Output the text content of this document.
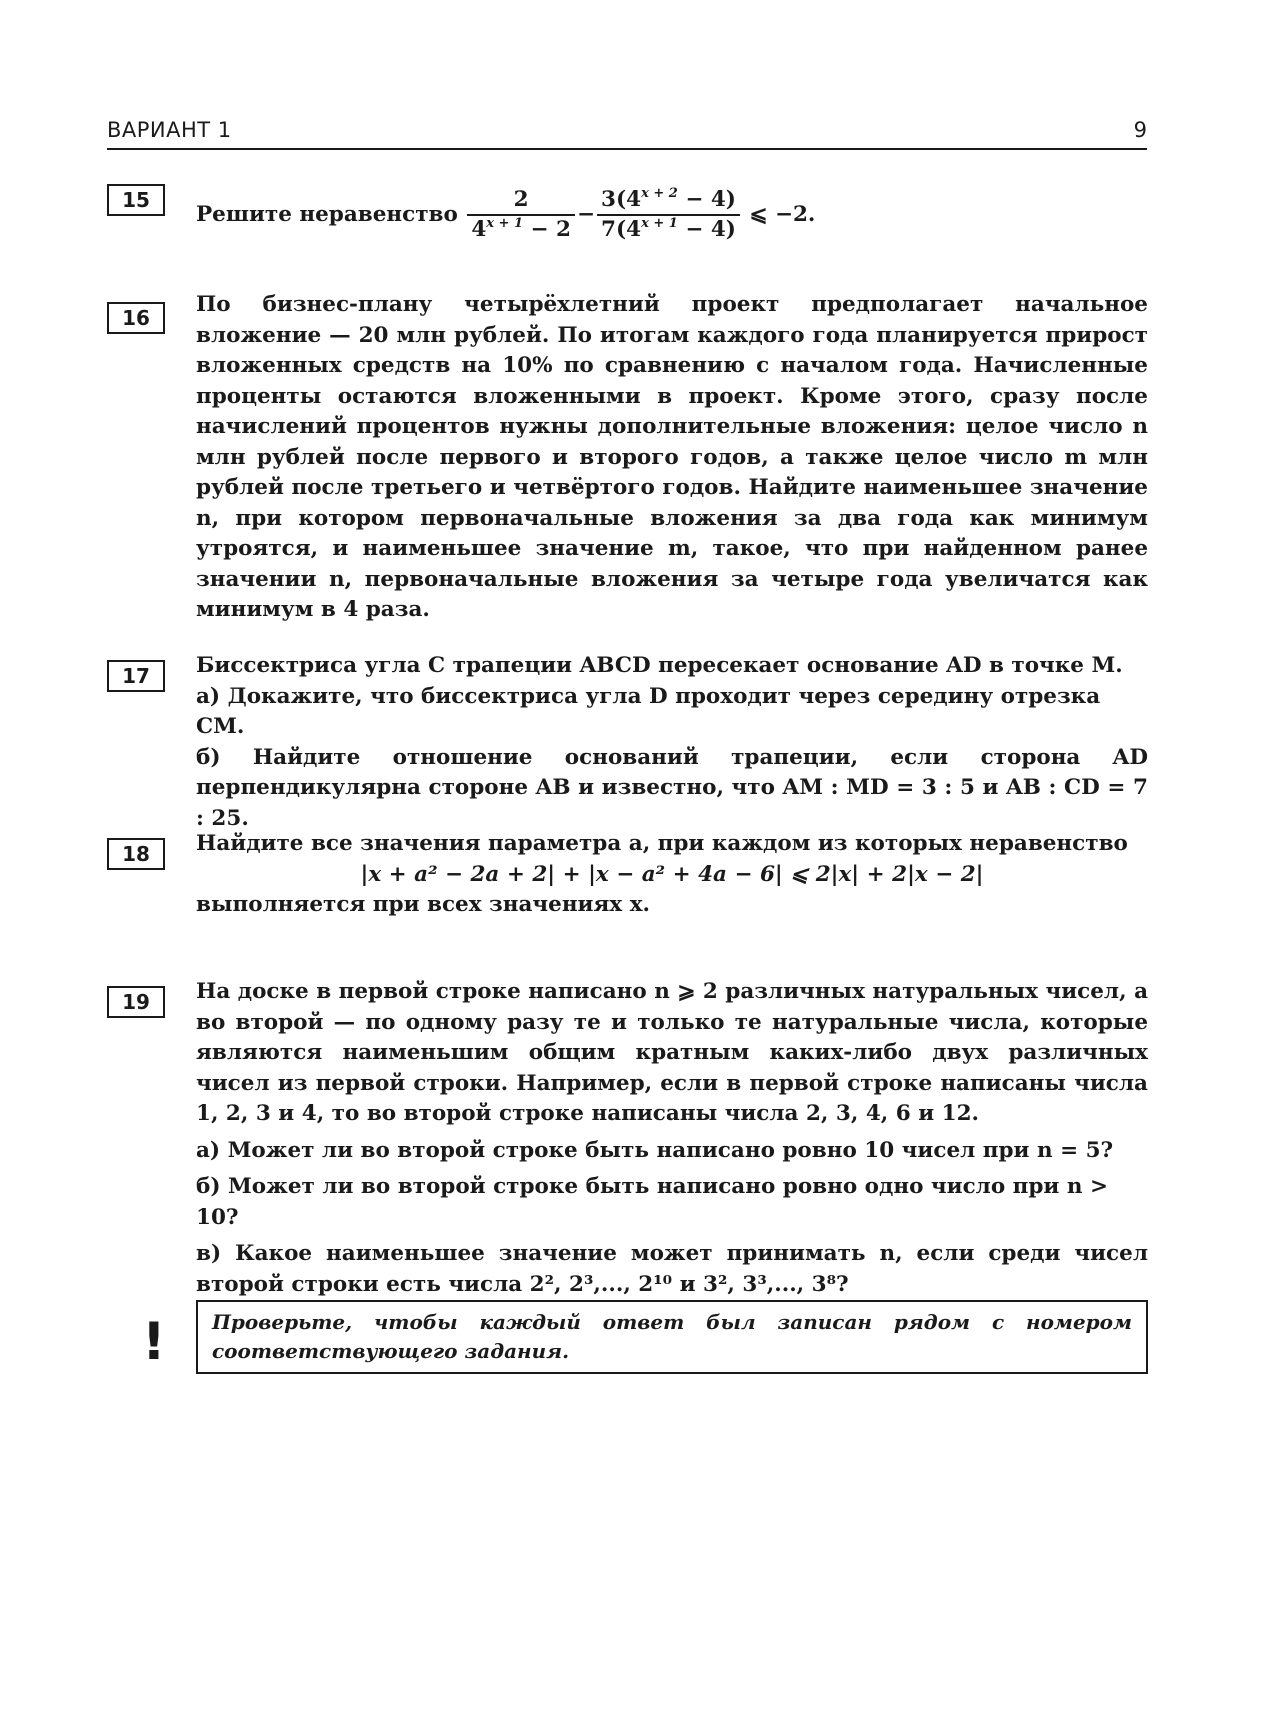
ВАРИАНТ 1	9
15

Решите неравенство $\frac{2}{4^{x + 1} - 2} - \frac{3(4^{x + 2} - 4)}{7(4^{x + 1} - 4)}$ ⩽ −2.

16

По бизнес-плану четырёхлетний проект предполагает начальное вложение — 20 млн рублей. По итогам каждого года планируется прирост вложенных средств на 10% по сравнению с началом года. Начисленные проценты остаются вложенными в проект. Кроме этого, сразу после начислений процентов нужны дополнительные вложения: целое число n млн рублей после первого и второго годов, а также целое число m млн рублей после третьего и четвёртого годов. Найдите наименьшее значение n, при котором первоначальные вложения за два года как минимум утроятся, и наименьшее значение m, такое, что при найденном ранее значении n, первоначальные вложения за четыре года увеличатся как минимум в 4 раза.

17	Биссектриса угла C трапеции ABCD пересекает основание AD в точке M.

а) Докажите, что биссектриса угла D проходит через середину отрезка CM.

б) Найдите отношение оснований трапеции, если сторона AD перпендикулярна стороне AB и известно, что AM : MD = 3 : 5 и AB : CD = 7 : 25.

18	Найдите все значения параметра a, при каждом из которых неравенство

|x + a² − 2a + 2| + |x − a² + 4a − 6| ⩽ 2|x| + 2|x − 2|

выполняется при всех значениях x.

19	На доске в первой строке написано n ⩾ 2 различных натуральных чисел, а во второй — по одному разу те и только те натуральные числа, которые являются наименьшим общим кратным каких-либо двух различных чисел из первой строки. Например, если в первой строке написаны числа 1, 2, 3 и 4, то во второй строке написаны числа 2, 3, 4, 6 и 12.

а) Может ли во второй строке быть написано ровно 10 чисел при n = 5?

б) Может ли во второй строке быть написано ровно одно число при n > 10?

в) Какое наименьшее значение может принимать n, если среди чисел второй строки есть числа 2², 2³,..., 2¹⁰ и 3², 3³,..., 3⁸?

!	Проверьте, чтобы каждый ответ был записан рядом с номером соответствующего задания.
